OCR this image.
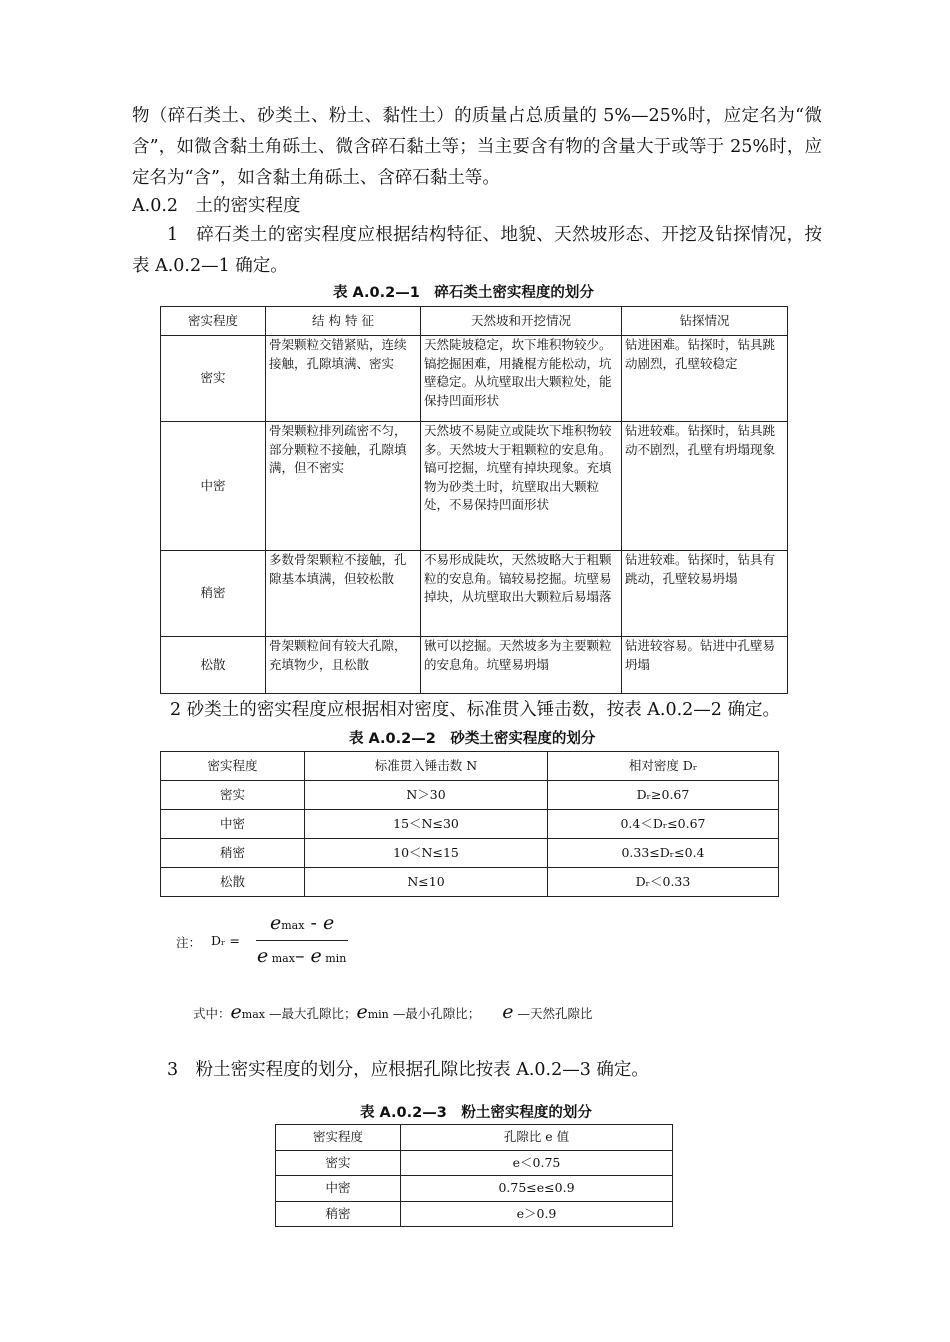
物（碎石类土、砂类土、粉土、黏性土）的质量占总质量的 5%—25%时，应定名为“微含”，如微含黏土角砾土、微含碎石黏土等；当主要含有物的含量大于或等于 25%时，应定名为“含”，如含黏土角砾土、含碎石黏土等。

A.0.2　土的密实程度

1　碎石类土的密实程度应根据结构特征、地貌、天然坡形态、开挖及钻探情况，按表 A.0.2—1 确定。

表 A.0.2—1　碎石类土密实程度的划分

密实程度	结 构 特 征	天然坡和开挖情况	钻探情况
密实	骨架颗粒交错紧贴，连续接触，孔隙填满、密实	天然陡坡稳定，坎下堆积物较少。镐挖掘困难，用撬棍方能松动，坑壁稳定。从坑壁取出大颗粒处，能保持凹面形状	钻进困难。钻探时，钻具跳动剧烈，孔壁较稳定
中密	骨架颗粒排列疏密不匀，部分颗粒不接触，孔隙填满，但不密实	天然坡不易陡立或陡坎下堆积物较多。天然坡大于粗颗粒的安息角。镐可挖掘，坑壁有掉块现象。充填物为砂类土时，坑壁取出大颗粒处，不易保持凹面形状	钻进较难。钻探时，钻具跳动不剧烈，孔壁有坍塌现象
稍密	多数骨架颗粒不接触，孔隙基本填满，但较松散	不易形成陡坎，天然坡略大于粗颗粒的安息角。镐较易挖掘。坑壁易掉块，从坑壁取出大颗粒后易塌落	钻进较难。钻探时，钻具有跳动，孔壁较易坍塌
松散	骨架颗粒间有较大孔隙，充填物少，且松散	锹可以挖掘。天然坡多为主要颗粒的安息角。坑壁易坍塌	钻进较容易。钻进中孔壁易坍塌

2 砂类土的密实程度应根据相对密度、标准贯入锤击数，按表 A.0.2—2 确定。

表 A.0.2—2　砂类土密实程度的划分

密实程度	标准贯入锤击数 N	相对密度 Dᵣ
密实	N＞30	Dᵣ≥0.67
中密	15＜N≤30	0.4＜Dᵣ≤0.67
稍密	10＜N≤15	0.33≤Dᵣ≤0.4
松散	N≤10	Dᵣ＜0.33
注： Dᵣ =
emax - e
e max– e min
式中：emax —最大孔隙比；emin —最小孔隙比； e —天然孔隙比

3　粉土密实程度的划分，应根据孔隙比按表 A.0.2—3 确定。

表 A.0.2—3　粉土密实程度的划分

密实程度	孔隙比 e 值
密实	e＜0.75
中密	0.75≤e≤0.9
稍密	e＞0.9
